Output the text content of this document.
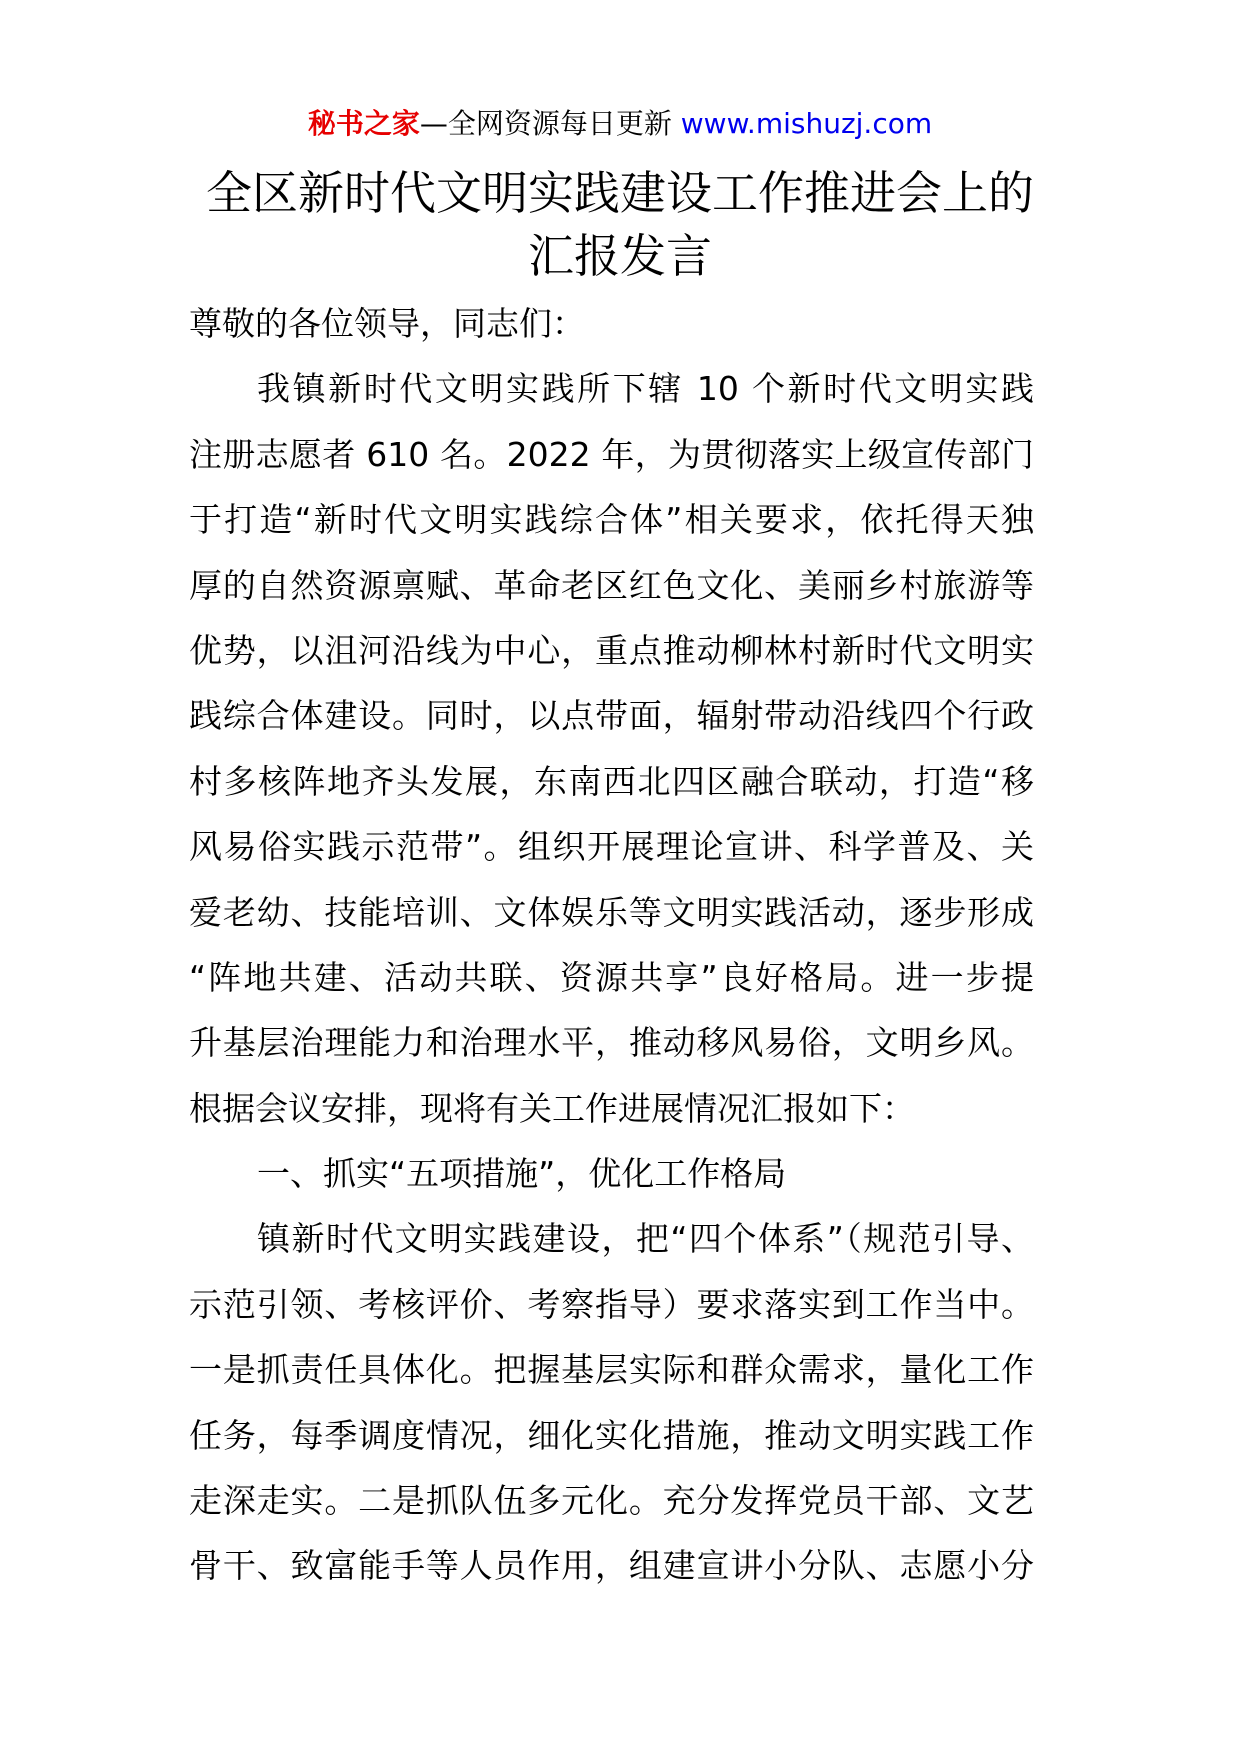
秘书之家—全网资源每日更新 www.mishuzj.com
全区新时代文明实践建设工作推进会上的
汇报发言
尊敬的各位领导，同志们：
我镇新时代文明实践所下辖 10 个新时代文明实践
注册志愿者 610 名。2022 年，为贯彻落实上级宣传部门
于打造“新时代文明实践综合体”相关要求，依托得天独
厚的自然资源禀赋、革命老区红色文化、美丽乡村旅游等
优势，以沮河沿线为中心，重点推动柳林村新时代文明实
践综合体建设。同时，以点带面，辐射带动沿线四个行政
村多核阵地齐头发展，东南西北四区融合联动，打造“移
风易俗实践示范带”。组织开展理论宣讲、科学普及、关
爱老幼、技能培训、文体娱乐等文明实践活动，逐步形成
“阵地共建、活动共联、资源共享”良好格局。进一步提
升基层治理能力和治理水平，推动移风易俗，文明乡风。
根据会议安排，现将有关工作进展情况汇报如下：
一、抓实“五项措施”，优化工作格局
镇新时代文明实践建设，把“四个体系”（规范引导、
示范引领、考核评价、考察指导）要求落实到工作当中。
一是抓责任具体化。把握基层实际和群众需求，量化工作
任务，每季调度情况，细化实化措施，推动文明实践工作
走深走实。二是抓队伍多元化。充分发挥党员干部、文艺
骨干、致富能手等人员作用，组建宣讲小分队、志愿小分
